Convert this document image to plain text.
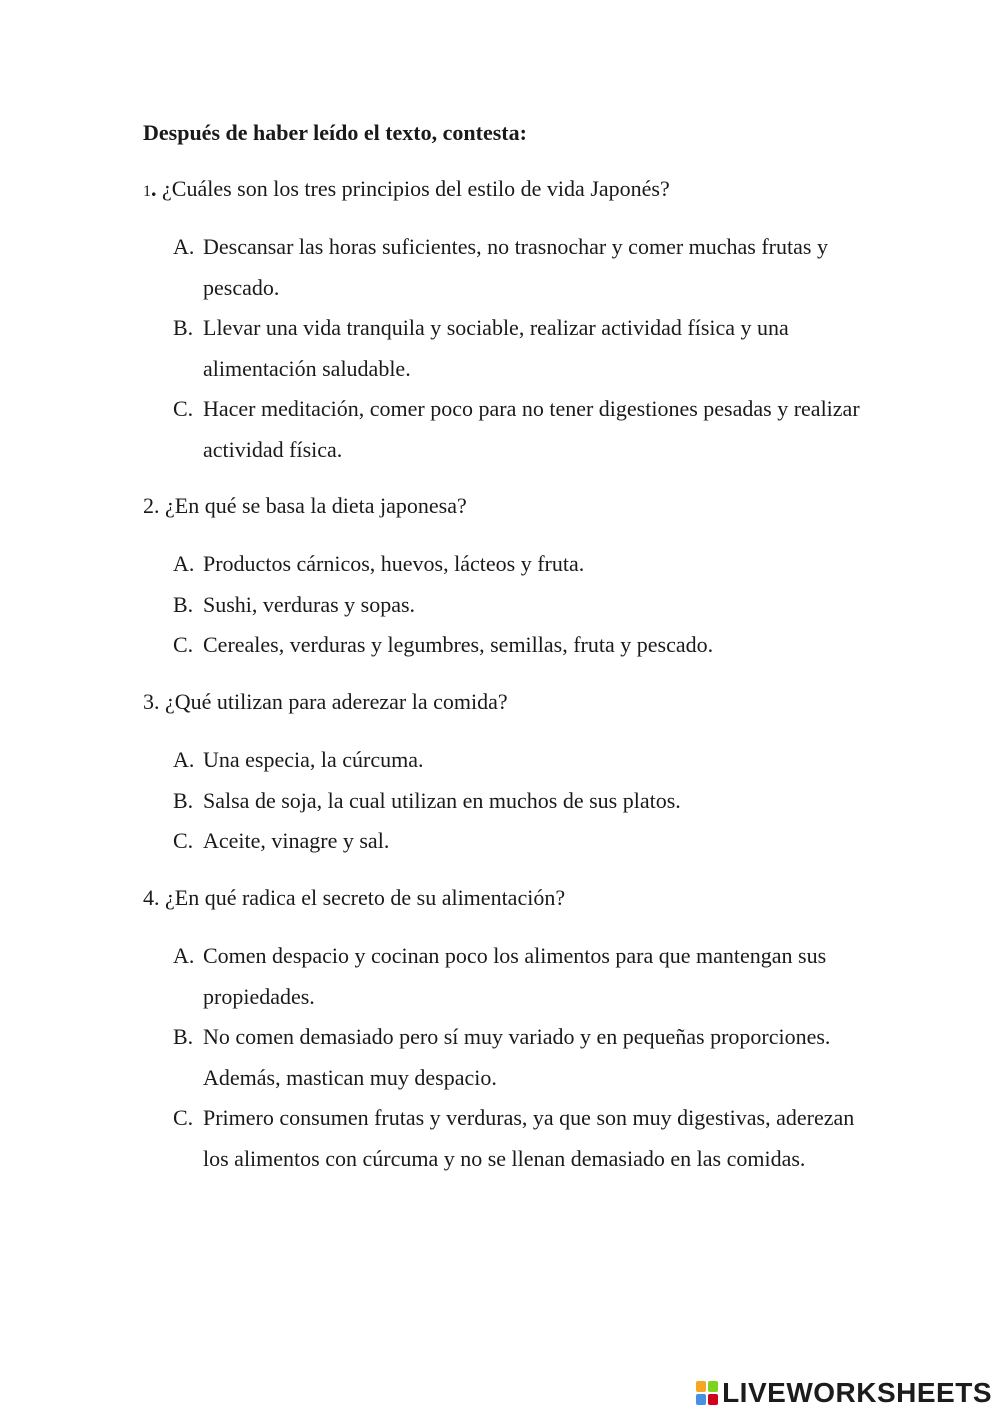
Después de haber leído el texto, contesta:

1. ¿Cuáles son los tres principios del estilo de vida Japonés?

A. Descansar las horas suficientes, no trasnochar y comer muchas frutas y pescado.
B. Llevar una vida tranquila y sociable, realizar actividad física y una alimentación saludable.
C. Hacer meditación, comer poco para no tener digestiones pesadas y realizar actividad física.

2. ¿En qué se basa la dieta japonesa?

A. Productos cárnicos, huevos, lácteos y fruta.
B. Sushi, verduras y sopas.
C. Cereales, verduras y legumbres, semillas, fruta y pescado.

3. ¿Qué utilizan para aderezar la comida?

A. Una especia, la cúrcuma.
B. Salsa de soja, la cual utilizan en muchos de sus platos.
C. Aceite, vinagre y sal.

4. ¿En qué radica el secreto de su alimentación?

A. Comen despacio y cocinan poco los alimentos para que mantengan sus propiedades.
B. No comen demasiado pero sí muy variado y en pequeñas proporciones. Además, mastican muy despacio.
C. Primero consumen frutas y verduras, ya que son muy digestivas, aderezan los alimentos con cúrcuma y no se llenan demasiado en las comidas.
LIVEWORKSHEETS
